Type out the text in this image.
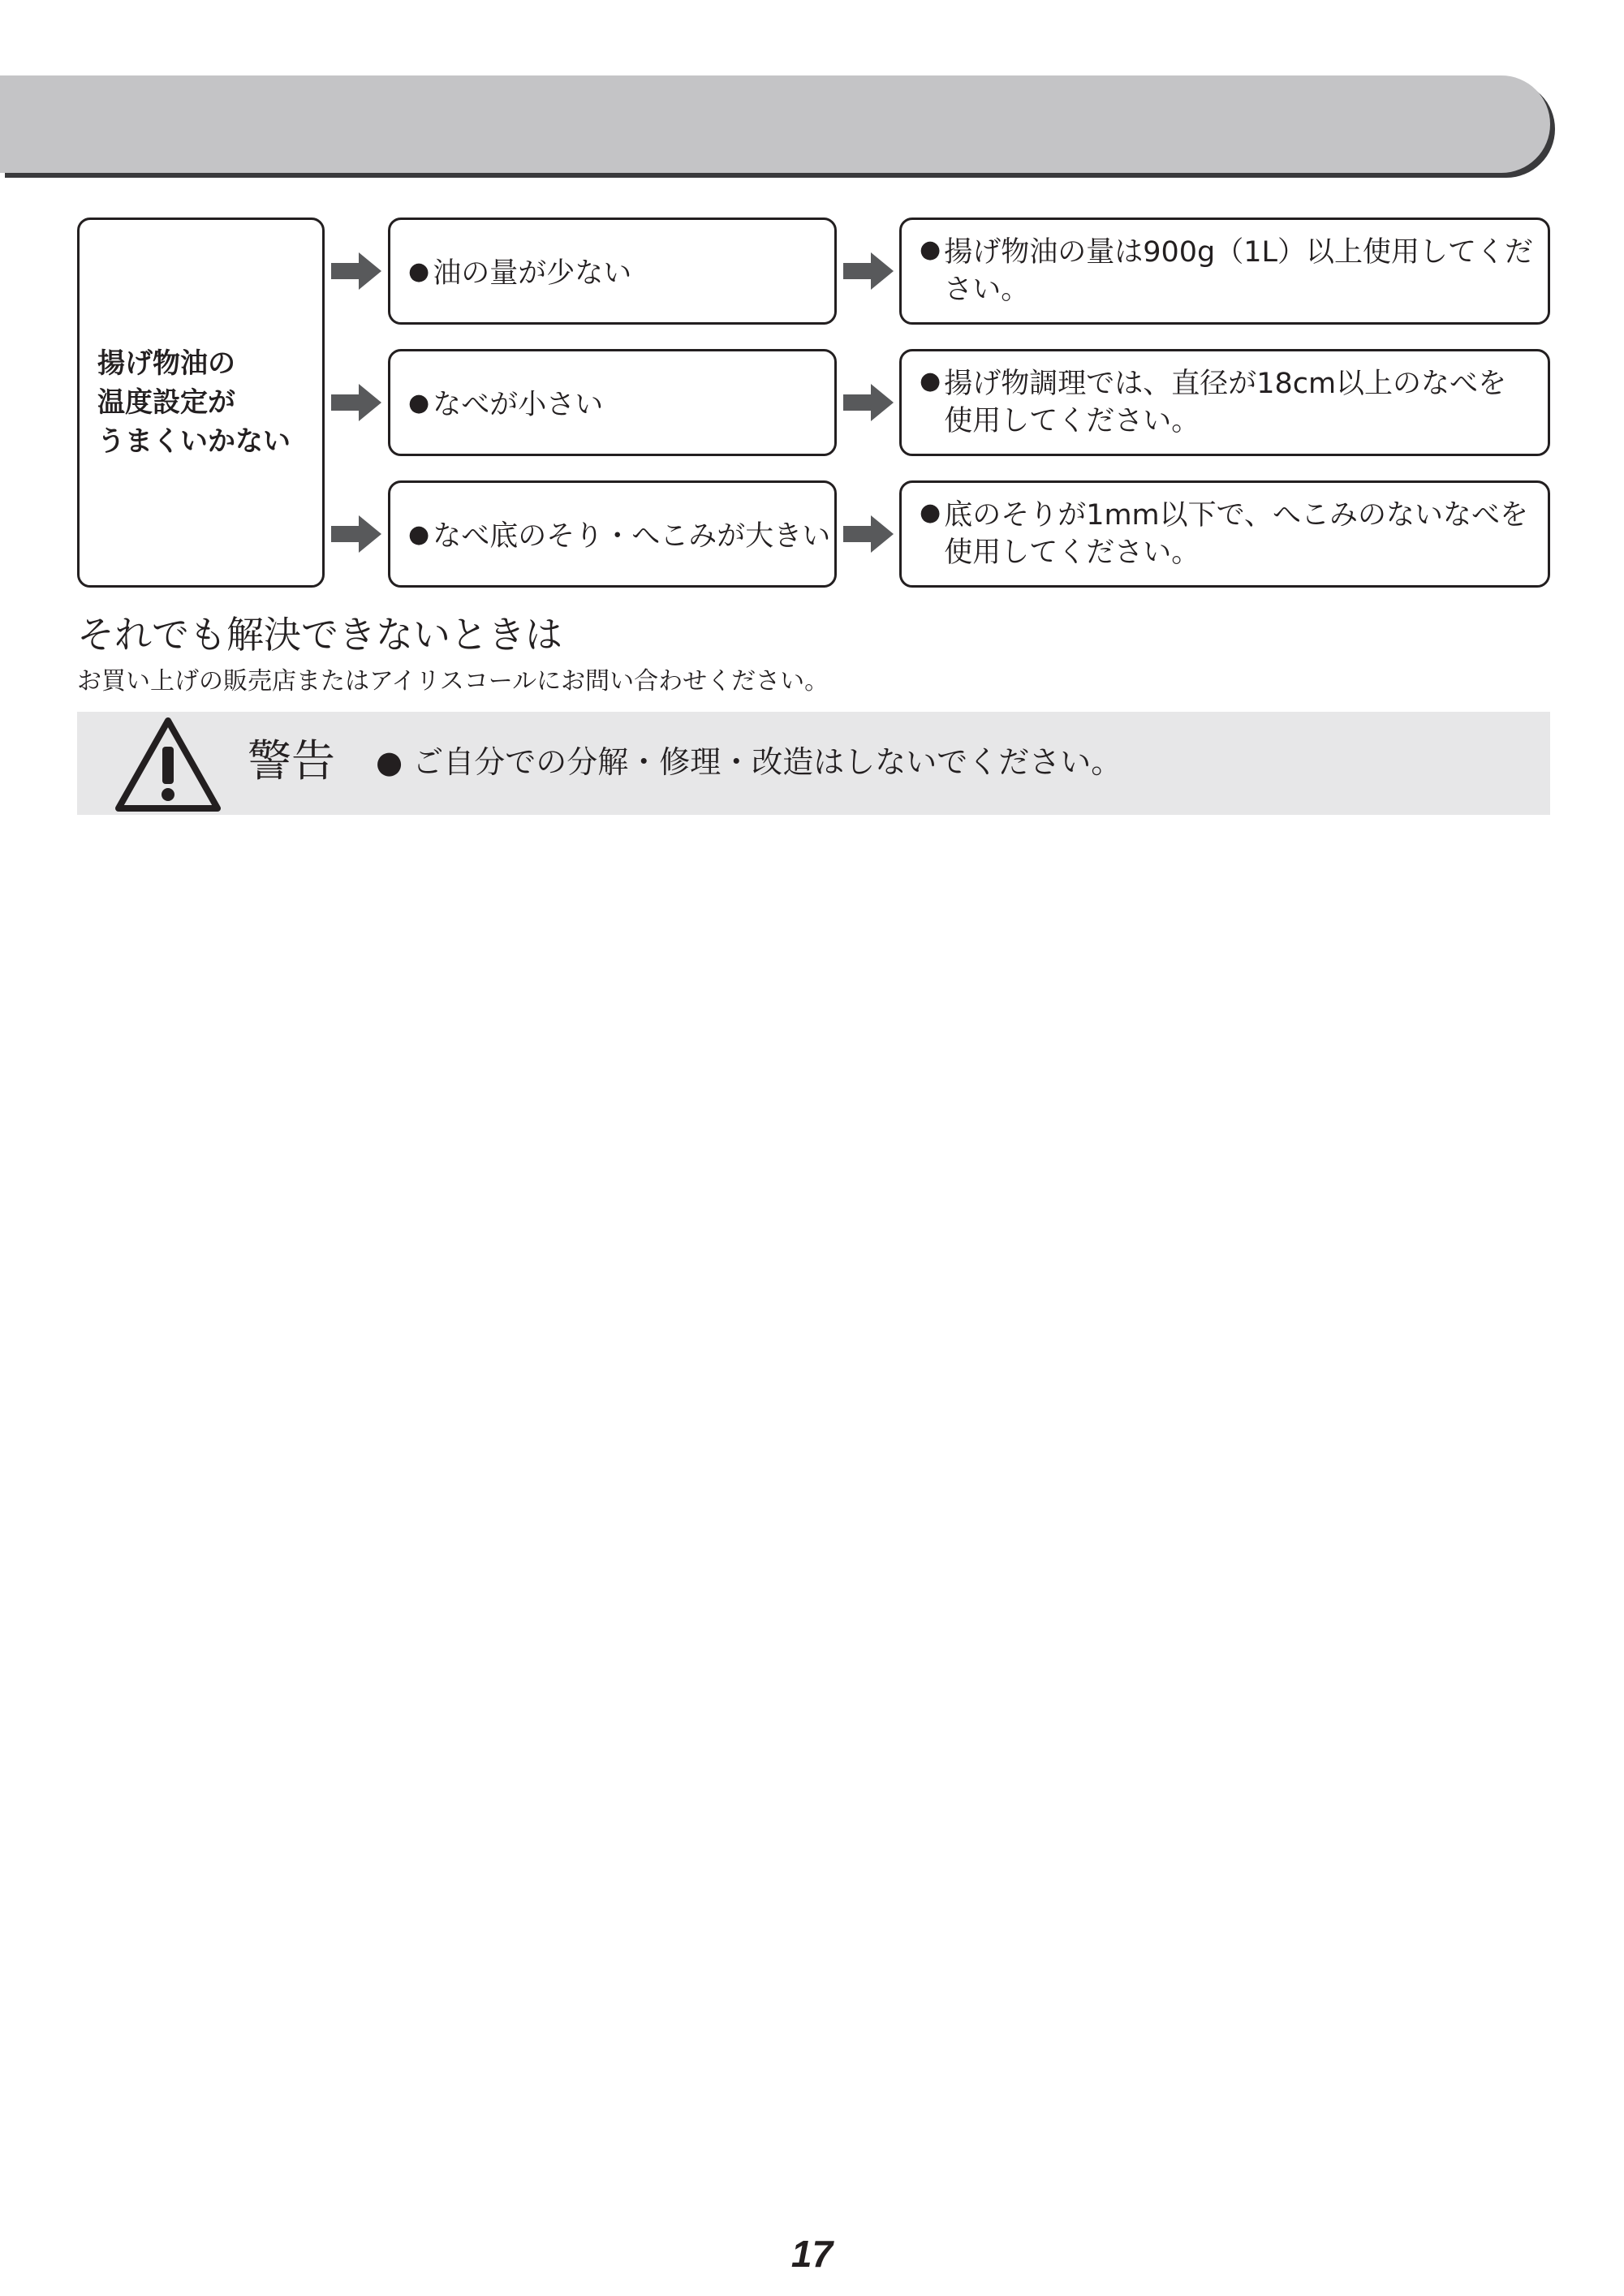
揚げ物油の
温度設定が
うまくいかない
● 油の量が少ない
● なべが小さい
● なべ底のそり・へこみが大きい
● 揚げ物油の量は900g（1L）以上使用してください。
● 揚げ物調理では、直径が18cm以上のなべを使用してください。
● 底のそりが1mm以下で、へこみのないなべを使用してください。
それでも解決できないときは
お買い上げの販売店またはアイリスコールにお問い合わせください。
警告 ● ご自分での分解・修理・改造はしないでください。
17
